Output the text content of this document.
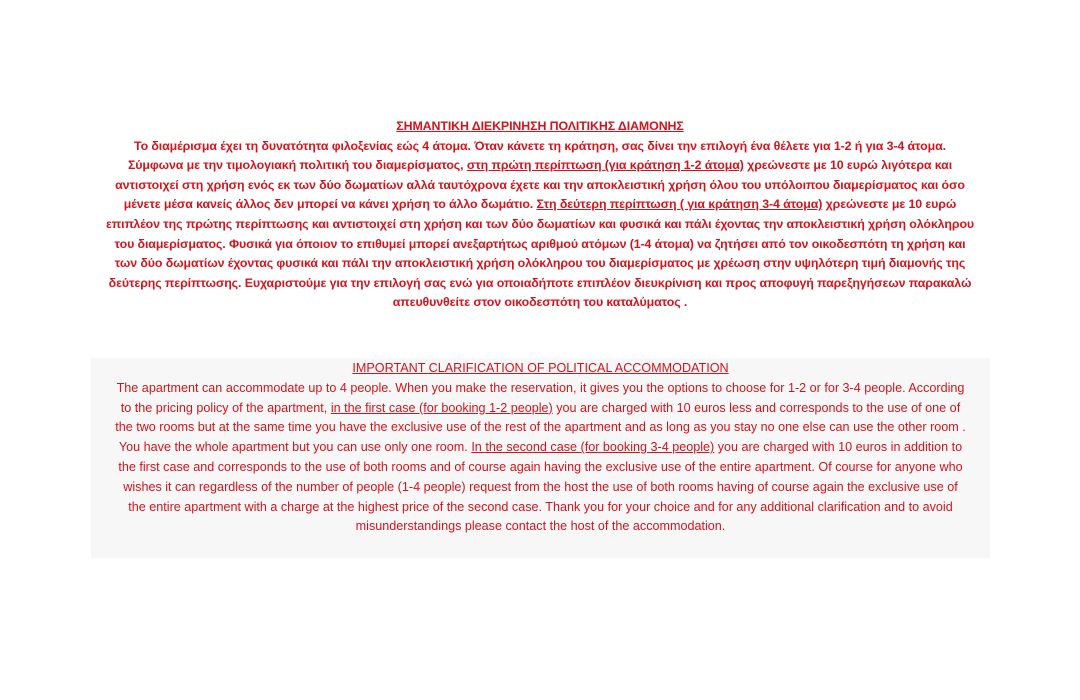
ΣΗΜΑΝΤΙΚΗ ΔΙΕΚΡΙΝΗΣΗ ΠΟΛΙΤΙΚΗΣ ΔΙΑΜΟΝΗΣ
Το διαμέρισμα έχει τη δυνατότητα φιλοξενίας εώς 4 άτομα. Όταν κάνετε τη κράτηση, σας δίνει την επιλογή ένα θέλετε για 1-2 ή για 3-4 άτομα.
Σύμφωνα με την τιμολογιακή πολιτική του διαμερίσματος, στη πρώτη περίπτωση (για κράτηση 1-2 άτομα) χρεώνεστε με 10 ευρώ λιγότερα και
αντιστοιχεί στη χρήση ενός εκ των δύο δωματίων αλλά ταυτόχρονα έχετε και την αποκλειστική χρήση όλου του υπόλοιπου διαμερίσματος και όσο
μένετε μέσα κανείς άλλος δεν μπορεί να κάνει χρήση το άλλο δωμάτιο. Στη δεύτερη περίπτωση ( για κράτηση 3-4 άτομα) χρεώνεστε με 10 ευρώ
επιπλέον της πρώτης περίπτωσης και αντιστοιχεί στη χρήση και των δύο δωματίων και φυσικά και πάλι έχοντας την αποκλειστική χρήση ολόκληρου
του διαμερίσματος. Φυσικά για όποιον το επιθυμεί μπορεί ανεξαρτήτως αριθμού ατόμων (1-4 άτομα) να ζητήσει από τον οικοδεσπότη τη χρήση και
των δύο δωματίων έχοντας φυσικά και πάλι την αποκλειστική χρήση ολόκληρου του διαμερίσματος με χρέωση στην υψηλότερη τιμή διαμονής της
δεύτερης περίπτωσης. Ευχαριστούμε για την επιλογή σας ενώ για οποιαδήποτε επιπλέον διευκρίνιση και προς αποφυγή παρεξηγήσεων παρακαλώ
απευθυνθείτε στον οικοδεσπότη του καταλύματος .
IMPORTANT CLARIFICATION OF POLITICAL ACCOMMODATION
The apartment can accommodate up to 4 people. When you make the reservation, it gives you the options to choose for 1-2 or for 3-4 people. According
to the pricing policy of the apartment, in the first case (for booking 1-2 people) you are charged with 10 euros less and corresponds to the use of one of
the two rooms but at the same time you have the exclusive use of the rest of the apartment and as long as you stay no one else can use the other room .
You have the whole apartment but you can use only one room. In the second case (for booking 3-4 people) you are charged with 10 euros in addition to
the first case and corresponds to the use of both rooms and of course again having the exclusive use of the entire apartment. Of course for anyone who
wishes it can regardless of the number of people (1-4 people) request from the host the use of both rooms having of course again the exclusive use of
the entire apartment with a charge at the highest price of the second case. Thank you for your choice and for any additional clarification and to avoid
misunderstandings please contact the host of the accommodation.
